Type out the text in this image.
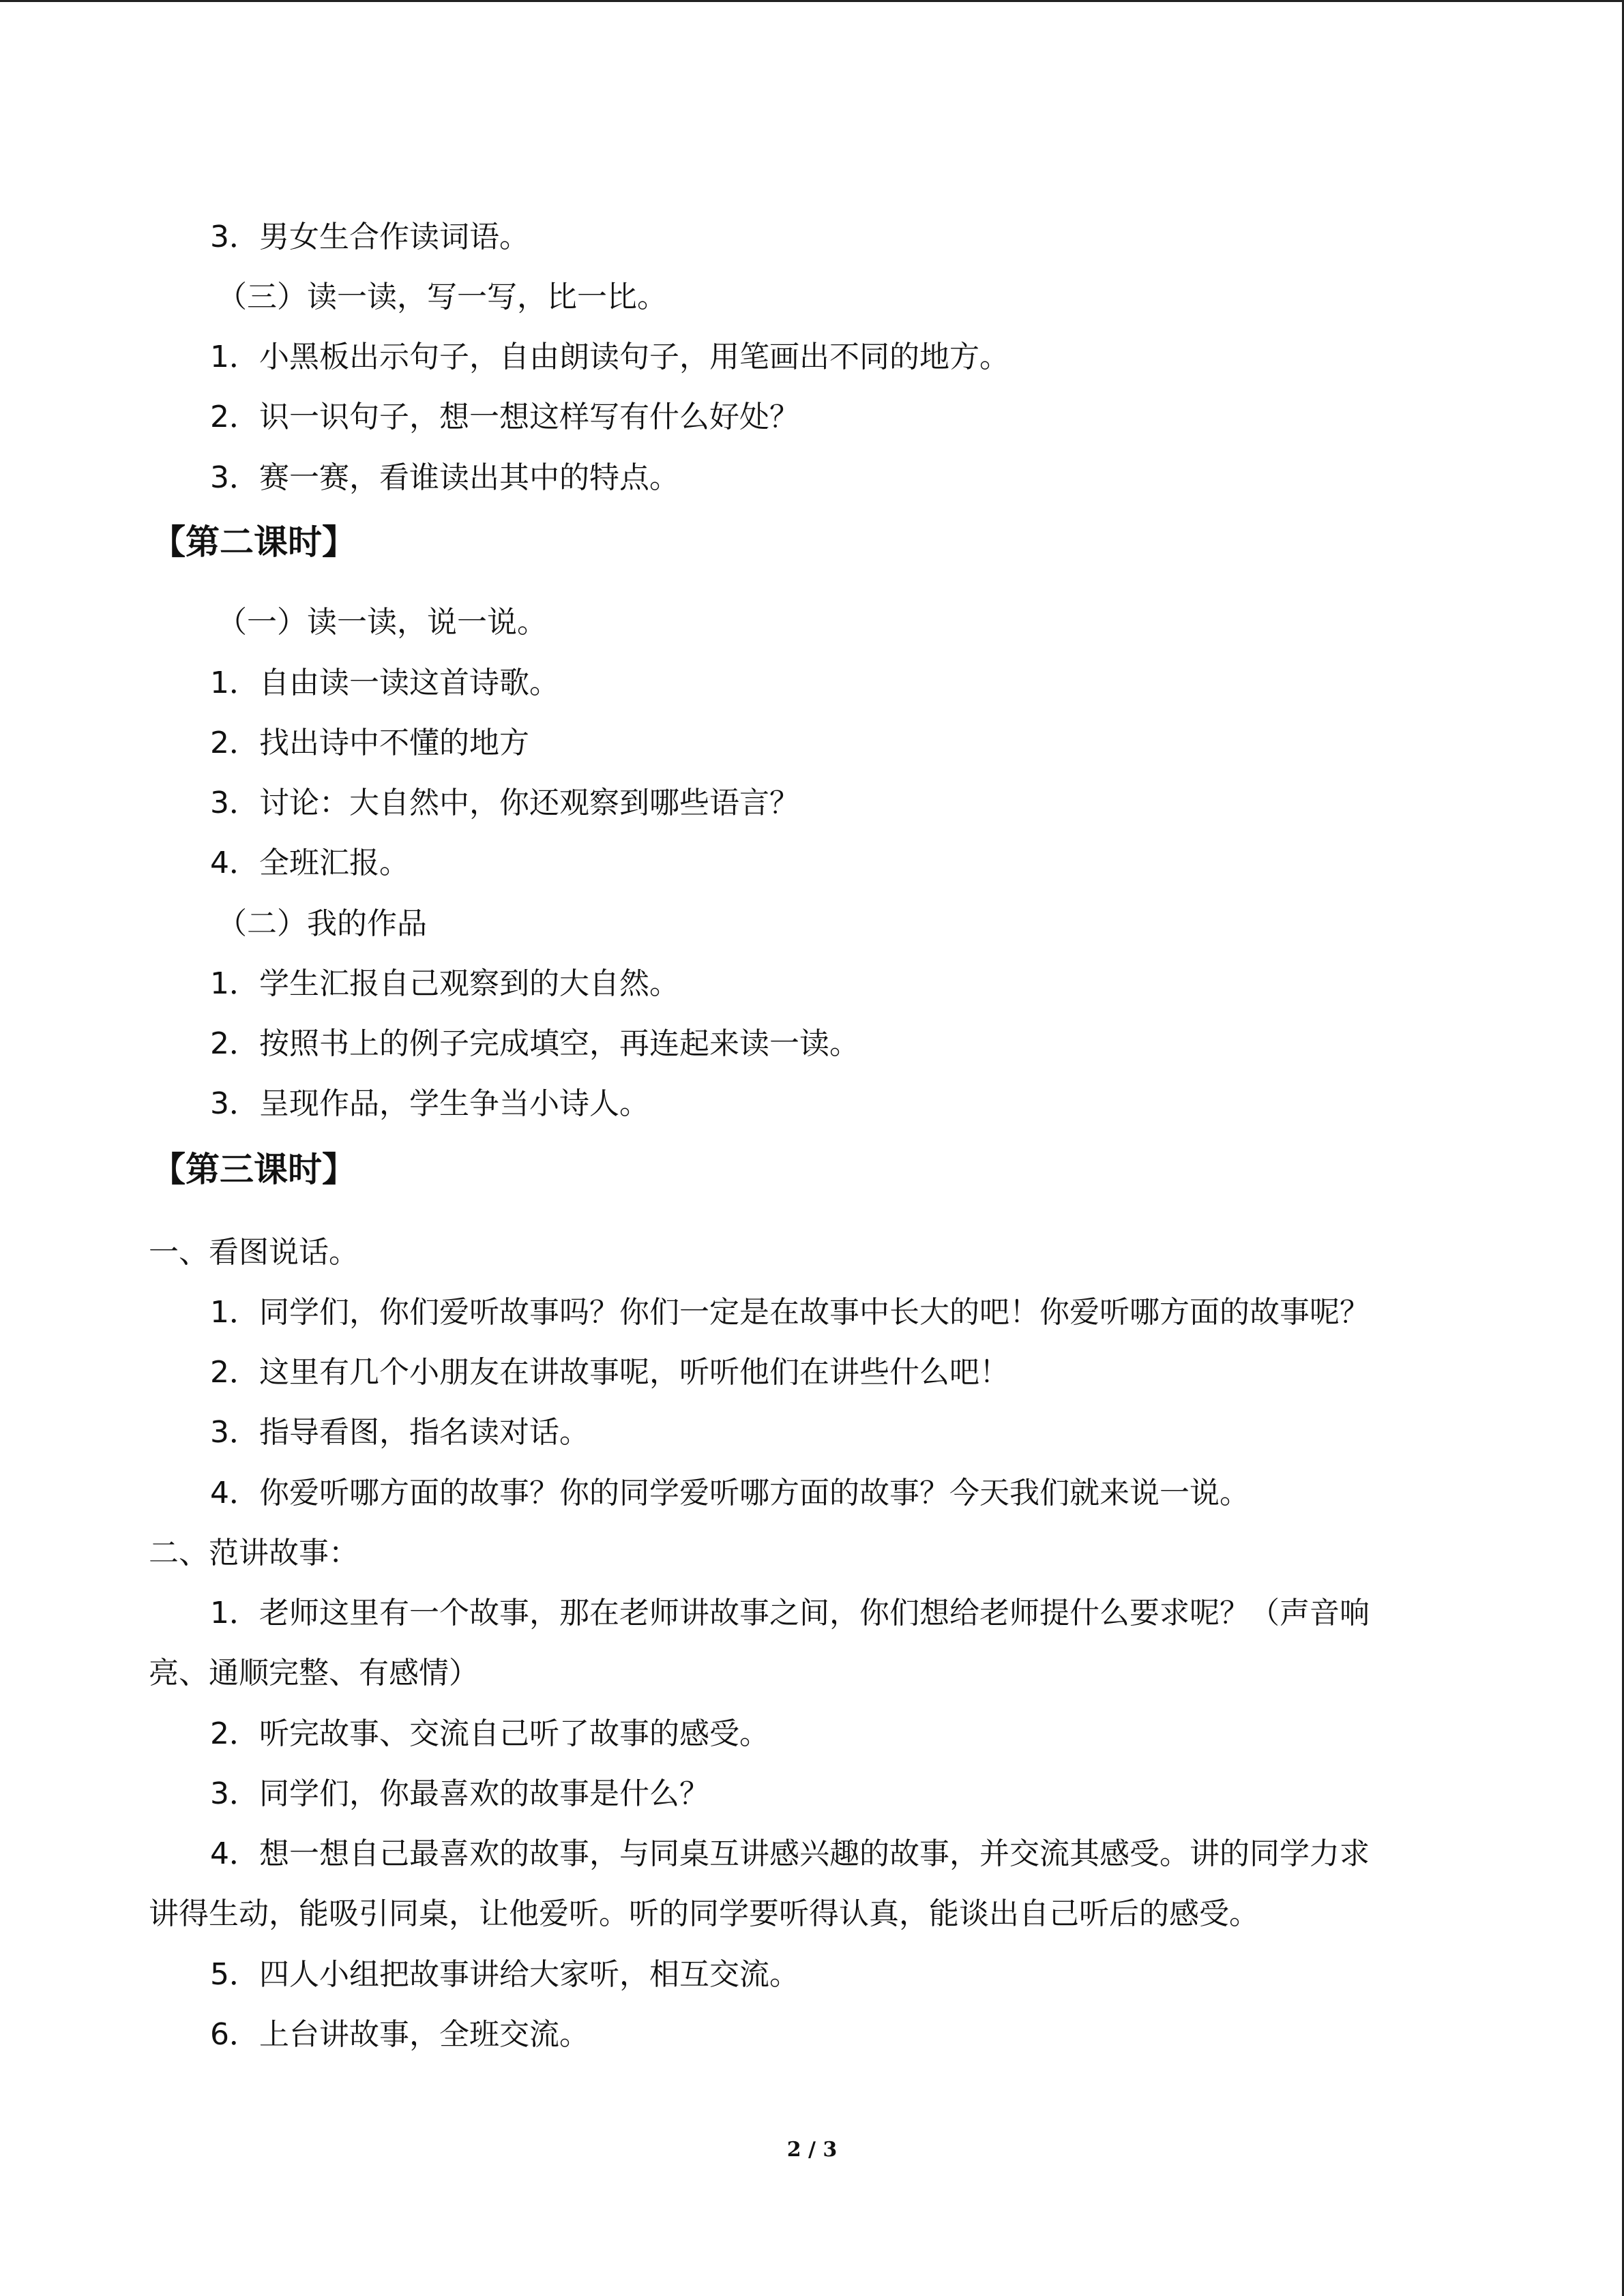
3．男女生合作读词语。
（三）读一读，写一写，比一比。
1．小黑板出示句子，自由朗读句子，用笔画出不同的地方。
2．识一识句子，想一想这样写有什么好处？
3．赛一赛，看谁读出其中的特点。
【第二课时】
（一）读一读，说一说。
1．自由读一读这首诗歌。
2．找出诗中不懂的地方
3．讨论：大自然中，你还观察到哪些语言？
4．全班汇报。
（二）我的作品
1．学生汇报自己观察到的大自然。
2．按照书上的例子完成填空，再连起来读一读。
3．呈现作品，学生争当小诗人。
【第三课时】
一、看图说话。
1．同学们，你们爱听故事吗？你们一定是在故事中长大的吧！你爱听哪方面的故事呢？
2．这里有几个小朋友在讲故事呢，听听他们在讲些什么吧！
3．指导看图，指名读对话。
4．你爱听哪方面的故事？你的同学爱听哪方面的故事？今天我们就来说一说。
二、范讲故事：
1．老师这里有一个故事，那在老师讲故事之间，你们想给老师提什么要求呢？（声音响
亮、通顺完整、有感情）
2．听完故事、交流自己听了故事的感受。
3．同学们，你最喜欢的故事是什么？
4．想一想自己最喜欢的故事，与同桌互讲感兴趣的故事，并交流其感受。讲的同学力求
讲得生动，能吸引同桌，让他爱听。听的同学要听得认真，能谈出自己听后的感受。
5．四人小组把故事讲给大家听，相互交流。
6．上台讲故事，全班交流。
2 / 3
